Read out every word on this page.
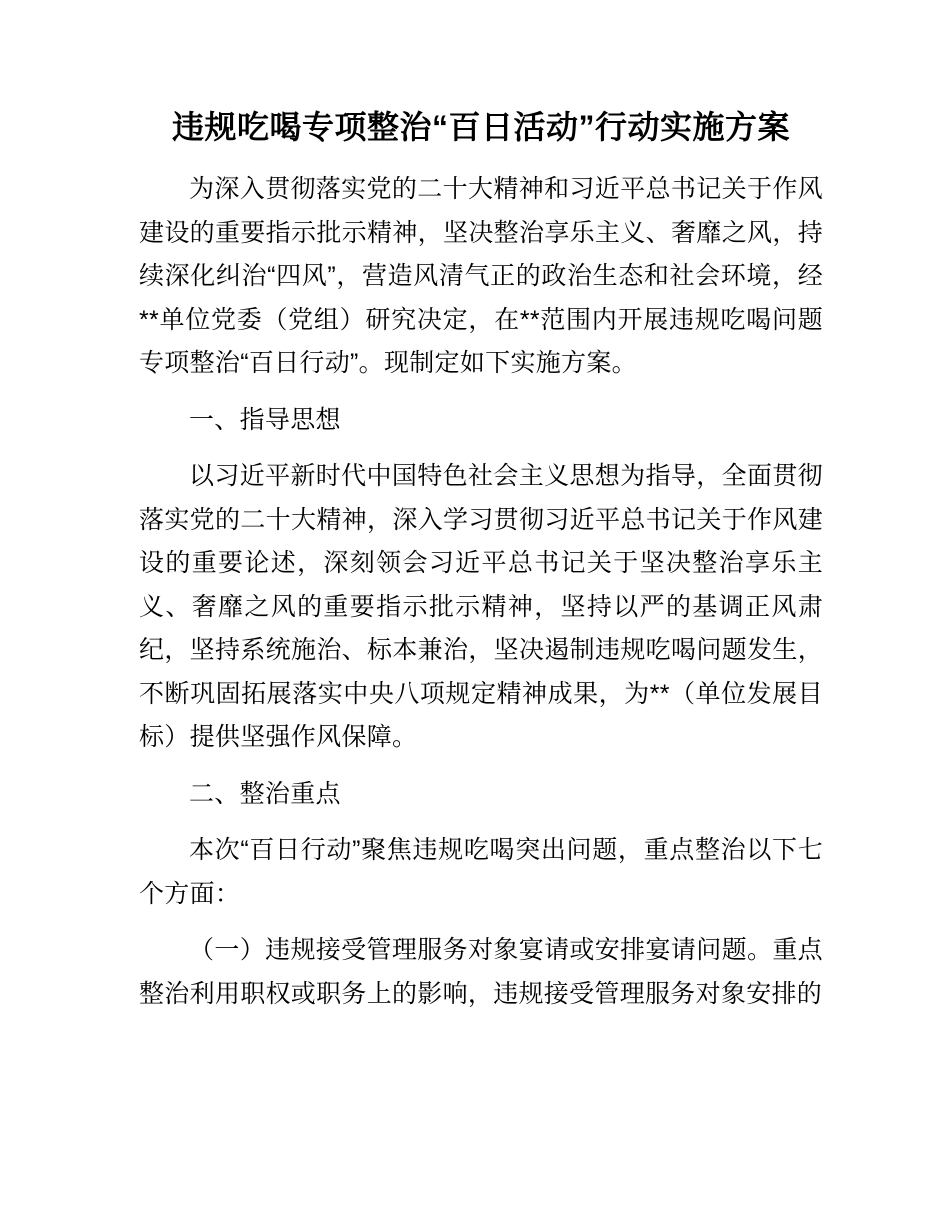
违规吃喝专项整治“百日活动”行动实施方案

为深入贯彻落实党的二十大精神和习近平总书记关于作风建设的重要指示批示精神，坚决整治享乐主义、奢靡之风，持续深化纠治“四风”，营造风清气正的政治生态和社会环境，经**单位党委（党组）研究决定，在**范围内开展违规吃喝问题专项整治“百日行动”。现制定如下实施方案。

一、指导思想

以习近平新时代中国特色社会主义思想为指导，全面贯彻落实党的二十大精神，深入学习贯彻习近平总书记关于作风建设的重要论述，深刻领会习近平总书记关于坚决整治享乐主义、奢靡之风的重要指示批示精神，坚持以严的基调正风肃纪，坚持系统施治、标本兼治，坚决遏制违规吃喝问题发生，不断巩固拓展落实中央八项规定精神成果，为**（单位发展目标）提供坚强作风保障。

二、整治重点

本次“百日行动”聚焦违规吃喝突出问题，重点整治以下七个方面：

（一）违规接受管理服务对象宴请或安排宴请问题。重点整治利用职权或职务上的影响，违规接受管理服务对象安排的
